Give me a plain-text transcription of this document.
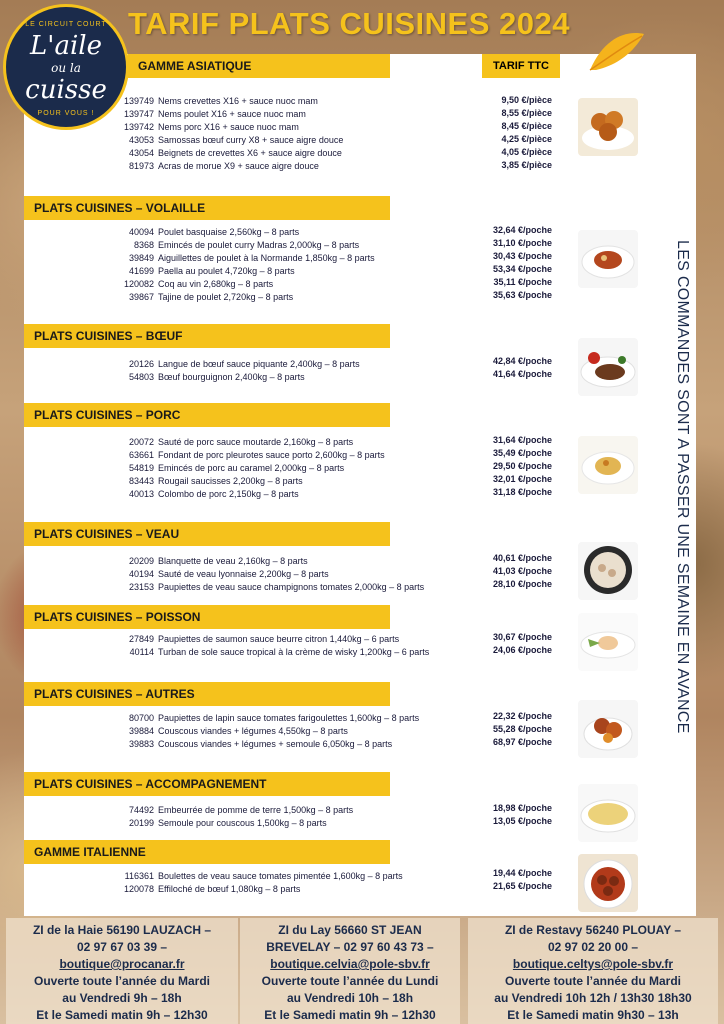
TARIF PLATS CUISINES 2024
LE CIRCUIT COURT
L'aile
ou la
cuisse
POUR VOUS !
TARIF TTC
GAMME ASIATIQUE
139749 Nems crevettes X16 + sauce nuoc mam
139747 Nems poulet X16 + sauce nuoc mam
139742 Nems porc X16 + sauce nuoc mam
43053 Samossas bœuf curry X8 + sauce aigre douce
43054 Beignets de crevettes X6 + sauce aigre douce
81973 Acras de morue X9 + sauce aigre douce
9,50 €/pièce
8,55 €/pièce
8,45 €/pièce
4,25 €/pièce
4,05 €/pièce
3,85 €/pièce
PLATS CUISINES – VOLAILLE
40094 Poulet basquaise 2,560kg – 8 parts
8368 Emincés de poulet curry Madras 2,000kg – 8 parts
39849 Aiguillettes de poulet à la Normande 1,850kg – 8 parts
41699 Paella au poulet 4,720kg – 8 parts
120082 Coq au vin 2,680kg – 8 parts
39867 Tajine de poulet 2,720kg – 8 parts
32,64 €/poche
31,10 €/poche
30,43 €/poche
53,34 €/poche
35,11 €/poche
35,63 €/poche
PLATS CUISINES – BŒUF
20126 Langue de bœuf sauce piquante 2,400kg – 8 parts
54803 Bœuf bourguignon 2,400kg – 8 parts
42,84 €/poche
41,64 €/poche
PLATS CUISINES – PORC
20072 Sauté de porc sauce moutarde 2,160kg – 8 parts
63661 Fondant de porc pleurotes sauce porto 2,600kg – 8 parts
54819 Emincés de porc au caramel 2,000kg – 8 parts
83443 Rougail saucisses 2,200kg – 8 parts
40013 Colombo de porc 2,150kg – 8 parts
31,64 €/poche
35,49 €/poche
29,50 €/poche
32,01 €/poche
31,18 €/poche
PLATS CUISINES – VEAU
20209 Blanquette de veau 2,160kg – 8 parts
40194 Sauté de veau lyonnaise 2,200kg – 8 parts
23153 Paupiettes de veau sauce champignons tomates 2,000kg – 8 parts
40,61 €/poche
41,03 €/poche
28,10 €/poche
PLATS CUISINES – POISSON
27849 Paupiettes de saumon sauce beurre citron 1,440kg – 6 parts
40114 Turban de sole sauce tropical à la crème de wisky 1,200kg – 6 parts
30,67 €/poche
24,06 €/poche
PLATS CUISINES – AUTRES
80700 Paupiettes de lapin sauce tomates farigoulettes 1,600kg – 8 parts
39884 Couscous viandes + légumes 4,550kg – 8 parts
39883 Couscous viandes + légumes + semoule 6,050kg – 8 parts
22,32 €/poche
55,28 €/poche
68,97 €/poche
PLATS CUISINES – ACCOMPAGNEMENT
74492 Embeurrée de pomme de terre 1,500kg – 8 parts
20199 Semoule pour couscous 1,500kg – 8 parts
18,98 €/poche
13,05 €/poche
GAMME ITALIENNE
116361 Boulettes de veau sauce tomates pimentée 1,600kg – 8 parts
120078 Effiloché de bœuf 1,080kg – 8 parts
19,44 €/poche
21,65 €/poche
LES COMMANDES SONT A PASSER UNE SEMAINE EN AVANCE
ZI de la Haie 56190 LAUZACH –
02 97 67 03 39 –
boutique@procanar.fr
Ouverte toute l’année du Mardi
au Vendredi 9h – 18h
Et le Samedi matin 9h – 12h30
ZI du Lay 56660 ST JEAN
BREVELAY – 02 97 60 43 73 –
boutique.celvia@pole-sbv.fr
Ouverte toute l’année du Lundi
au Vendredi 10h – 18h
Et le Samedi matin 9h – 12h30
ZI de Restavy 56240 PLOUAY –
02 97 02 20 00 –
boutique.celtys@pole-sbv.fr
Ouverte toute l’année du Mardi
au Vendredi 10h 12h / 13h30 18h30
Et le Samedi matin 9h30 – 13h
